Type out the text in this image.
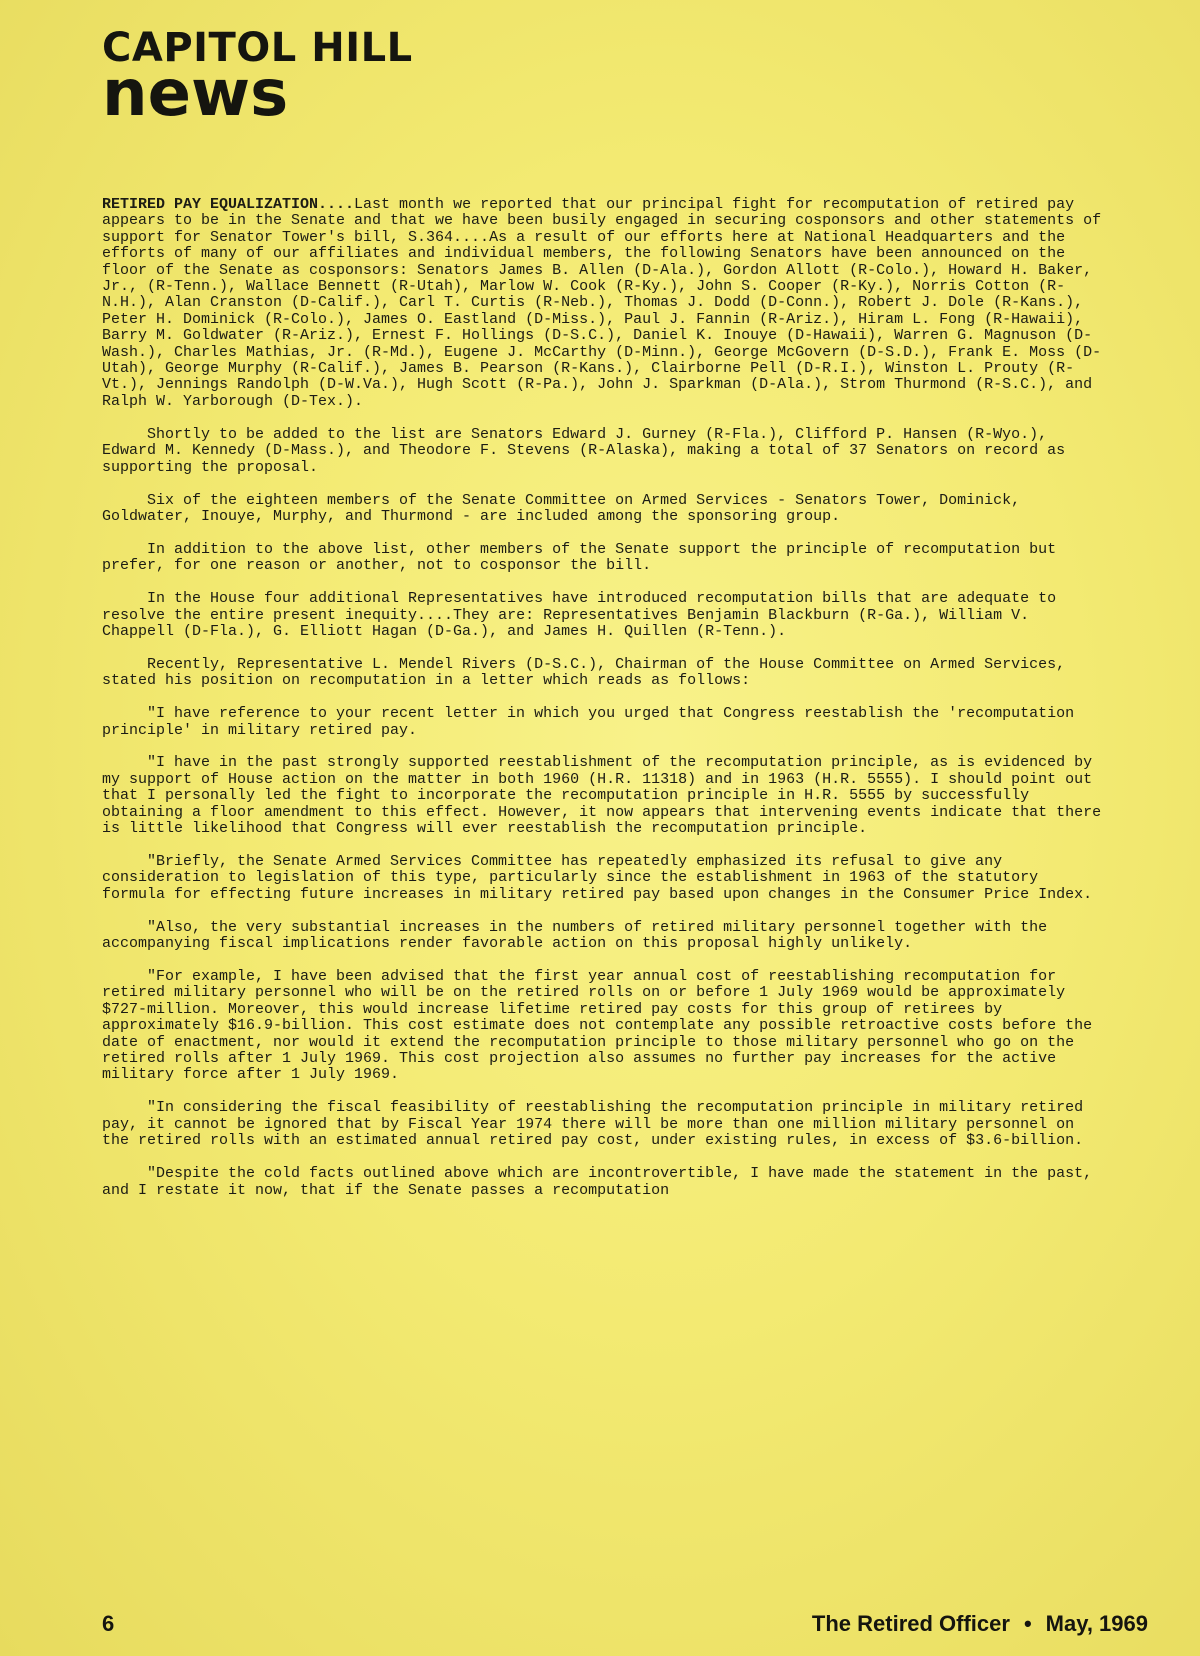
CAPITOL HILL
news

RETIRED PAY EQUALIZATION....Last month we reported that our principal fight for recomputation of retired pay appears to be in the Senate and that we have been busily engaged in securing cosponsors and other statements of support for Senator Tower's bill, S.364....As a result of our efforts here at National Headquarters and the efforts of many of our affiliates and individual members, the following Senators have been announced on the floor of the Senate as cosponsors: Senators James B. Allen (D-Ala.), Gordon Allott (R-Colo.), Howard H. Baker, Jr., (R-Tenn.), Wallace Bennett (R-Utah), Marlow W. Cook (R-Ky.), John S. Cooper (R-Ky.), Norris Cotton (R-N.H.), Alan Cranston (D-Calif.), Carl T. Curtis (R-Neb.), Thomas J. Dodd (D-Conn.), Robert J. Dole (R-Kans.), Peter H. Dominick (R-Colo.), James O. Eastland (D-Miss.), Paul J. Fannin (R-Ariz.), Hiram L. Fong (R-Hawaii), Barry M. Goldwater (R-Ariz.), Ernest F. Hollings (D-S.C.), Daniel K. Inouye (D-Hawaii), Warren G. Magnuson (D-Wash.), Charles Mathias, Jr. (R-Md.), Eugene J. McCarthy (D-Minn.), George McGovern (D-S.D.), Frank E. Moss (D-Utah), George Murphy (R-Calif.), James B. Pearson (R-Kans.), Clairborne Pell (D-R.I.), Winston L. Prouty (R-Vt.), Jennings Randolph (D-W.Va.), Hugh Scott (R-Pa.), John J. Sparkman (D-Ala.), Strom Thurmond (R-S.C.), and Ralph W. Yarborough (D-Tex.).

Shortly to be added to the list are Senators Edward J. Gurney (R-Fla.), Clifford P. Hansen (R-Wyo.), Edward M. Kennedy (D-Mass.), and Theodore F. Stevens (R-Alaska), making a total of 37 Senators on record as supporting the proposal.

Six of the eighteen members of the Senate Committee on Armed Services - Senators Tower, Dominick, Goldwater, Inouye, Murphy, and Thurmond - are included among the sponsoring group.

In addition to the above list, other members of the Senate support the principle of recomputation but prefer, for one reason or another, not to cosponsor the bill.

In the House four additional Representatives have introduced recomputation bills that are adequate to resolve the entire present inequity....They are: Representatives Benjamin Blackburn (R-Ga.), William V. Chappell (D-Fla.), G. Elliott Hagan (D-Ga.), and James H. Quillen (R-Tenn.).

Recently, Representative L. Mendel Rivers (D-S.C.), Chairman of the House Committee on Armed Services, stated his position on recomputation in a letter which reads as follows:

"I have reference to your recent letter in which you urged that Congress reestablish the 'recomputation principle' in military retired pay.

"I have in the past strongly supported reestablishment of the recomputation principle, as is evidenced by my support of House action on the matter in both 1960 (H.R. 11318) and in 1963 (H.R. 5555). I should point out that I personally led the fight to incorporate the recomputation principle in H.R. 5555 by successfully obtaining a floor amendment to this effect. However, it now appears that intervening events indicate that there is little likelihood that Congress will ever reestablish the recomputation principle.

"Briefly, the Senate Armed Services Committee has repeatedly emphasized its refusal to give any consideration to legislation of this type, particularly since the establishment in 1963 of the statutory formula for effecting future increases in military retired pay based upon changes in the Consumer Price Index.

"Also, the very substantial increases in the numbers of retired military personnel together with the accompanying fiscal implications render favorable action on this proposal highly unlikely.

"For example, I have been advised that the first year annual cost of reestablishing recomputation for retired military personnel who will be on the retired rolls on or before 1 July 1969 would be approximately $727-million. Moreover, this would increase lifetime retired pay costs for this group of retirees by approximately $16.9-billion. This cost estimate does not contemplate any possible retroactive costs before the date of enactment, nor would it extend the recomputation principle to those military personnel who go on the retired rolls after 1 July 1969. This cost projection also assumes no further pay increases for the active military force after 1 July 1969.

"In considering the fiscal feasibility of reestablishing the recomputation principle in military retired pay, it cannot be ignored that by Fiscal Year 1974 there will be more than one million military personnel on the retired rolls with an estimated annual retired pay cost, under existing rules, in excess of $3.6-billion.

"Despite the cold facts outlined above which are incontrovertible, I have made the statement in the past, and I restate it now, that if the Senate passes a recomputation

6	The Retired Officer • May, 1969
